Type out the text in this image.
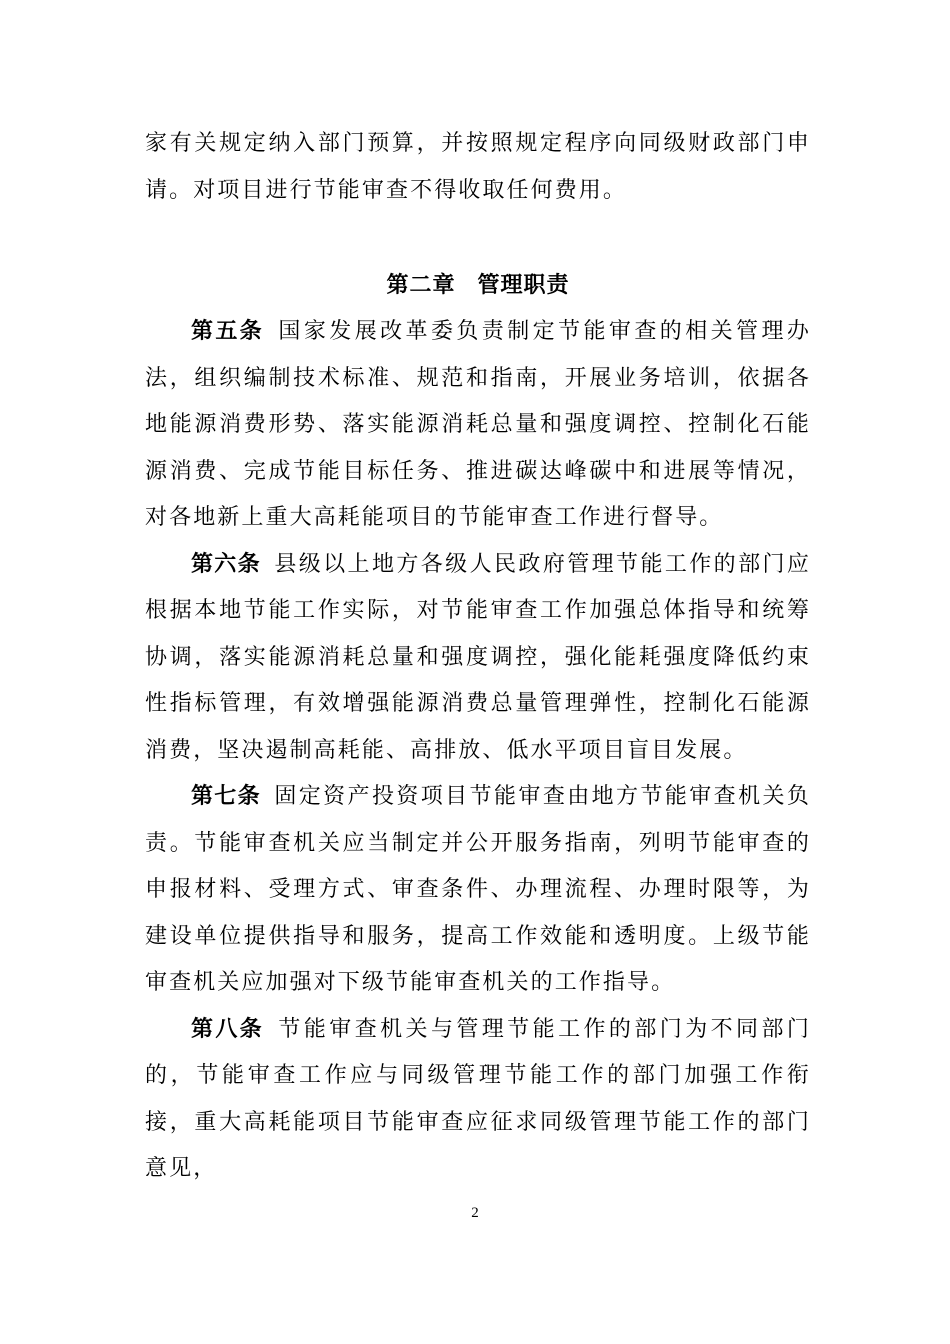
家有关规定纳入部门预算，并按照规定程序向同级财政部门申请。对项目进行节能审查不得收取任何费用。

第二章 管理职责

第五条  国家发展改革委负责制定节能审查的相关管理办法，组织编制技术标准、规范和指南，开展业务培训，依据各地能源消费形势、落实能源消耗总量和强度调控、控制化石能源消费、完成节能目标任务、推进碳达峰碳中和进展等情况，对各地新上重大高耗能项目的节能审查工作进行督导。

第六条  县级以上地方各级人民政府管理节能工作的部门应根据本地节能工作实际，对节能审查工作加强总体指导和统筹协调，落实能源消耗总量和强度调控，强化能耗强度降低约束性指标管理，有效增强能源消费总量管理弹性，控制化石能源消费，坚决遏制高耗能、高排放、低水平项目盲目发展。

第七条  固定资产投资项目节能审查由地方节能审查机关负责。节能审查机关应当制定并公开服务指南，列明节能审查的申报材料、受理方式、审查条件、办理流程、办理时限等，为建设单位提供指导和服务，提高工作效能和透明度。上级节能审查机关应加强对下级节能审查机关的工作指导。

第八条  节能审查机关与管理节能工作的部门为不同部门的，节能审查工作应与同级管理节能工作的部门加强工作衔接，重大高耗能项目节能审查应征求同级管理节能工作的部门意见，

2
